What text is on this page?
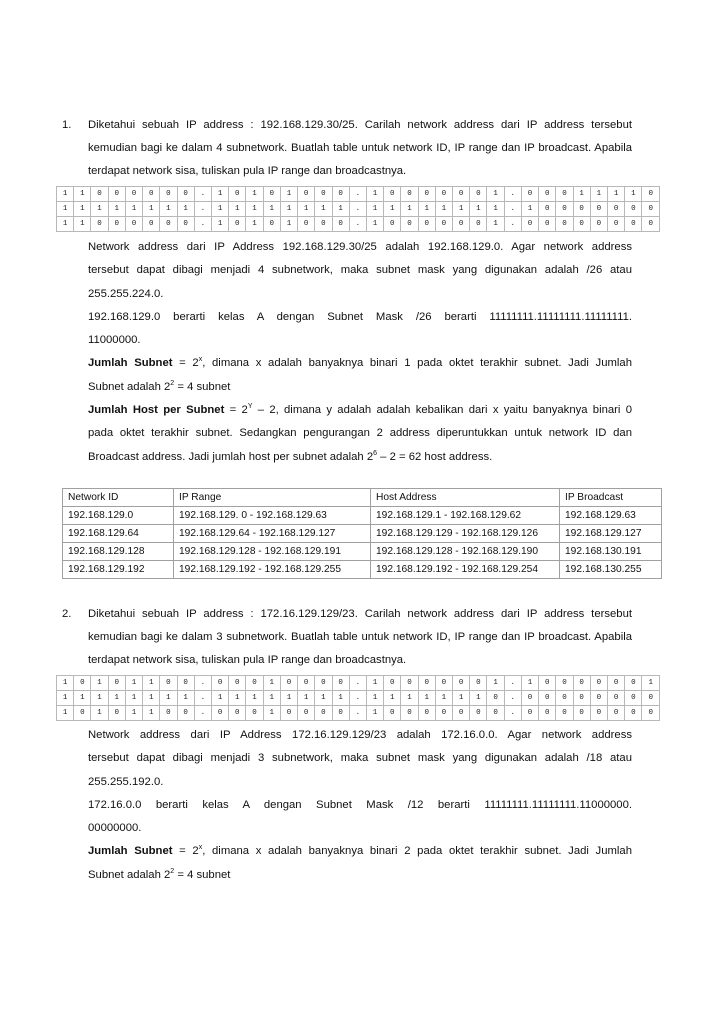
1. Diketahui sebuah IP address : 192.168.129.30/25. Carilah network address dari IP address tersebut kemudian bagi ke dalam 4 subnetwork. Buatlah table untuk network ID, IP range dan IP broadcast. Apabila terdapat network sisa, tuliskan pula IP range dan broadcastnya.

1	1	0	0	0	0	0	0	.	1	0	1	0	1	0	0	0	.	1	0	0	0	0	0	0	1	.	0	0	0	1	1	1	1	0
1	1	1	1	1	1	1	1	.	1	1	1	1	1	1	1	1	.	1	1	1	1	1	1	1	1	.	1	0	0	0	0	0	0	0
1	1	0	0	0	0	0	0	.	1	0	1	0	1	0	0	0	.	1	0	0	0	0	0	0	1	.	0	0	0	0	0	0	0	0
Network address dari IP Address 192.168.129.30/25 adalah 192.168.129.0. Agar network address
tersebut dapat dibagi menjadi 4 subnetwork, maka subnet mask yang digunakan adalah /26 atau
255.255.224.0.
192.168.129.0 berarti kelas A dengan Subnet Mask /26 berarti 11111111.11111111.11111111.
11000000.
Jumlah Subnet = $2^x$, dimana x adalah banyaknya binari 1 pada oktet terakhir subnet. Jadi Jumlah
Subnet adalah $2^2 = 4$ subnet
Jumlah Host per Subnet = $2^Y - 2$, dimana y adalah adalah kebalikan dari x yaitu banyaknya binari 0
pada oktet terakhir subnet. Sedangkan pengurangan 2 address diperuntukkan untuk network ID dan
Broadcast address. Jadi jumlah host per subnet adalah $2^6 - 2 = 62$ host address.
Network ID	IP Range	Host Address	IP Broadcast
192.168.129.0	192.168.129. 0 - 192.168.129.63	192.168.129.1 - 192.168.129.62	192.168.129.63
192.168.129.64	192.168.129.64 - 192.168.129.127	192.168.129.129 - 192.168.129.126	192.168.129.127
192.168.129.128	192.168.129.128 - 192.168.129.191	192.168.129.128 - 192.168.129.190	192.168.130.191
192.168.129.192	192.168.129.192 - 192.168.129.255	192.168.129.192 - 192.168.129.254	192.168.130.255
2. Diketahui sebuah IP address : 172.16.129.129/23. Carilah network address dari IP address tersebut kemudian bagi ke dalam 3 subnetwork. Buatlah table untuk network ID, IP range dan IP broadcast. Apabila terdapat network sisa, tuliskan pula IP range dan broadcastnya.

1	0	1	0	1	1	0	0	.	0	0	0	1	0	0	0	0	.	1	0	0	0	0	0	0	1	.	1	0	0	0	0	0	0	1
1	1	1	1	1	1	1	1	.	1	1	1	1	1	1	1	1	.	1	1	1	1	1	1	1	0	.	0	0	0	0	0	0	0	0
1	0	1	0	1	1	0	0	.	0	0	0	1	0	0	0	0	.	1	0	0	0	0	0	0	0	.	0	0	0	0	0	0	0	0
Network address dari IP Address 172.16.129.129/23 adalah 172.16.0.0. Agar network address
tersebut dapat dibagi menjadi 3 subnetwork, maka subnet mask yang digunakan adalah /18 atau
255.255.192.0.
172.16.0.0 berarti kelas A dengan Subnet Mask /12 berarti 11111111.11111111.11000000.
00000000.
Jumlah Subnet = $2^x$, dimana x adalah banyaknya binari 2 pada oktet terakhir subnet. Jadi Jumlah
Subnet adalah $2^2 = 4$ subnet
